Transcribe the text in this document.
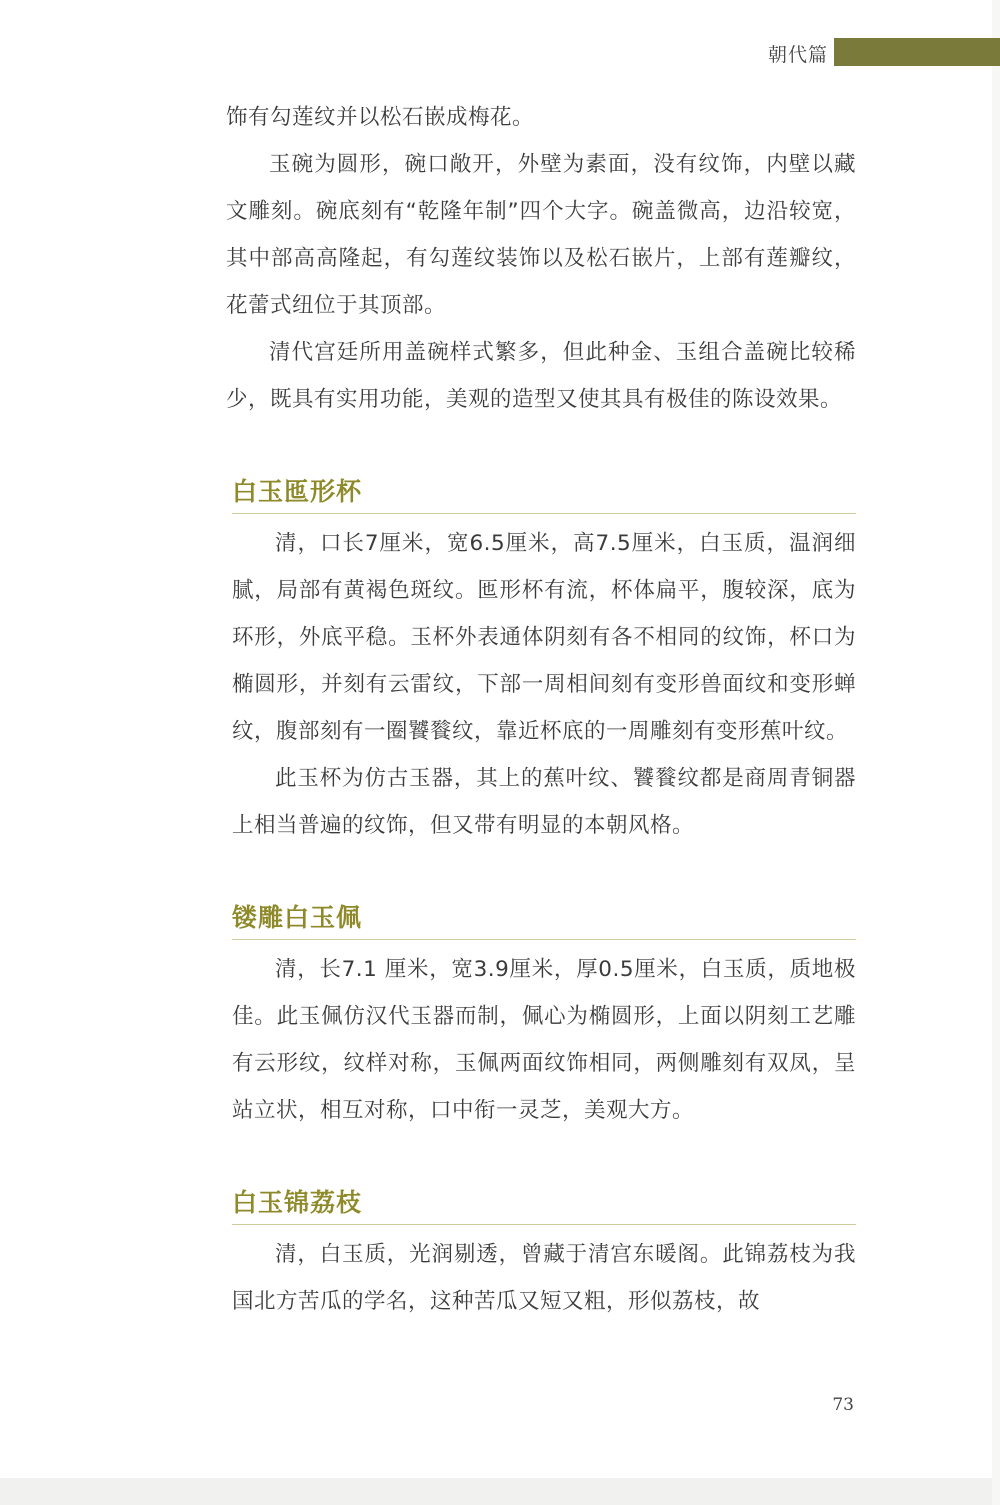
朝代篇

饰有勾莲纹并以松石嵌成梅花。

玉碗为圆形，碗口敞开，外壁为素面，没有纹饰，内壁以藏文雕刻。碗底刻有“乾隆年制”四个大字。碗盖微高，边沿较宽，其中部高高隆起，有勾莲纹装饰以及松石嵌片，上部有莲瓣纹，花蕾式纽位于其顶部。

清代宫廷所用盖碗样式繁多，但此种金、玉组合盖碗比较稀少，既具有实用功能，美观的造型又使其具有极佳的陈设效果。

白玉匜形杯

清，口长7厘米，宽6.5厘米，高7.5厘米，白玉质，温润细腻，局部有黄褐色斑纹。匜形杯有流，杯体扁平，腹较深，底为环形，外底平稳。玉杯外表通体阴刻有各不相同的纹饰，杯口为椭圆形，并刻有云雷纹，下部一周相间刻有变形兽面纹和变形蝉纹，腹部刻有一圈饕餮纹，靠近杯底的一周雕刻有变形蕉叶纹。

此玉杯为仿古玉器，其上的蕉叶纹、饕餮纹都是商周青铜器上相当普遍的纹饰，但又带有明显的本朝风格。

镂雕白玉佩

清，长7.1 厘米，宽3.9厘米，厚0.5厘米，白玉质，质地极佳。此玉佩仿汉代玉器而制，佩心为椭圆形，上面以阴刻工艺雕有云形纹，纹样对称，玉佩两面纹饰相同，两侧雕刻有双凤，呈站立状，相互对称，口中衔一灵芝，美观大方。

白玉锦荔枝

清，白玉质，光润剔透，曾藏于清宫东暖阁。此锦荔枝为我国北方苦瓜的学名，这种苦瓜又短又粗，形似荔枝，故

73
